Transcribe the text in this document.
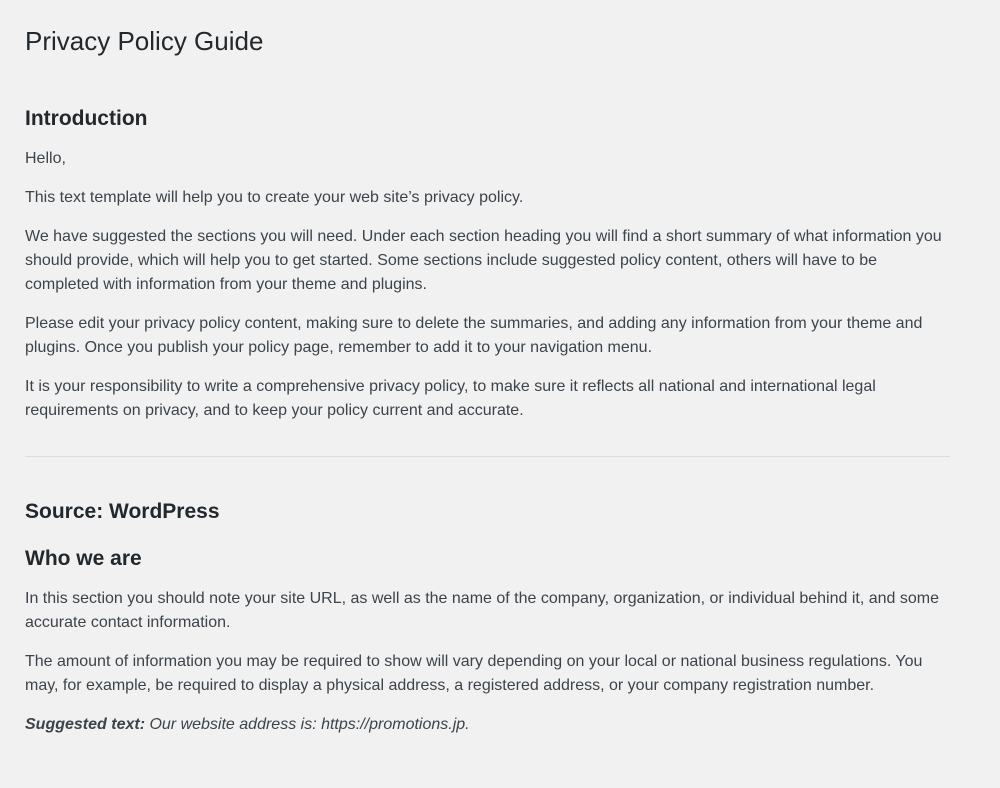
Privacy Policy Guide
Introduction

Hello,

This text template will help you to create your web site’s privacy policy.

We have suggested the sections you will need. Under each section heading you will find a short summary of what information you should provide, which will help you to get started. Some sections include suggested policy content, others will have to be completed with information from your theme and plugins.

Please edit your privacy policy content, making sure to delete the summaries, and adding any information from your theme and plugins. Once you publish your policy page, remember to add it to your navigation menu.

It is your responsibility to write a comprehensive privacy policy, to make sure it reflects all national and international legal requirements on privacy, and to keep your policy current and accurate.

Source: WordPress
Who we are

In this section you should note your site URL, as well as the name of the company, organization, or individual behind it, and some accurate contact information.

The amount of information you may be required to show will vary depending on your local or national business regulations. You may, for example, be required to display a physical address, a registered address, or your company registration number.

Suggested text: Our website address is: https://promotions.jp.
